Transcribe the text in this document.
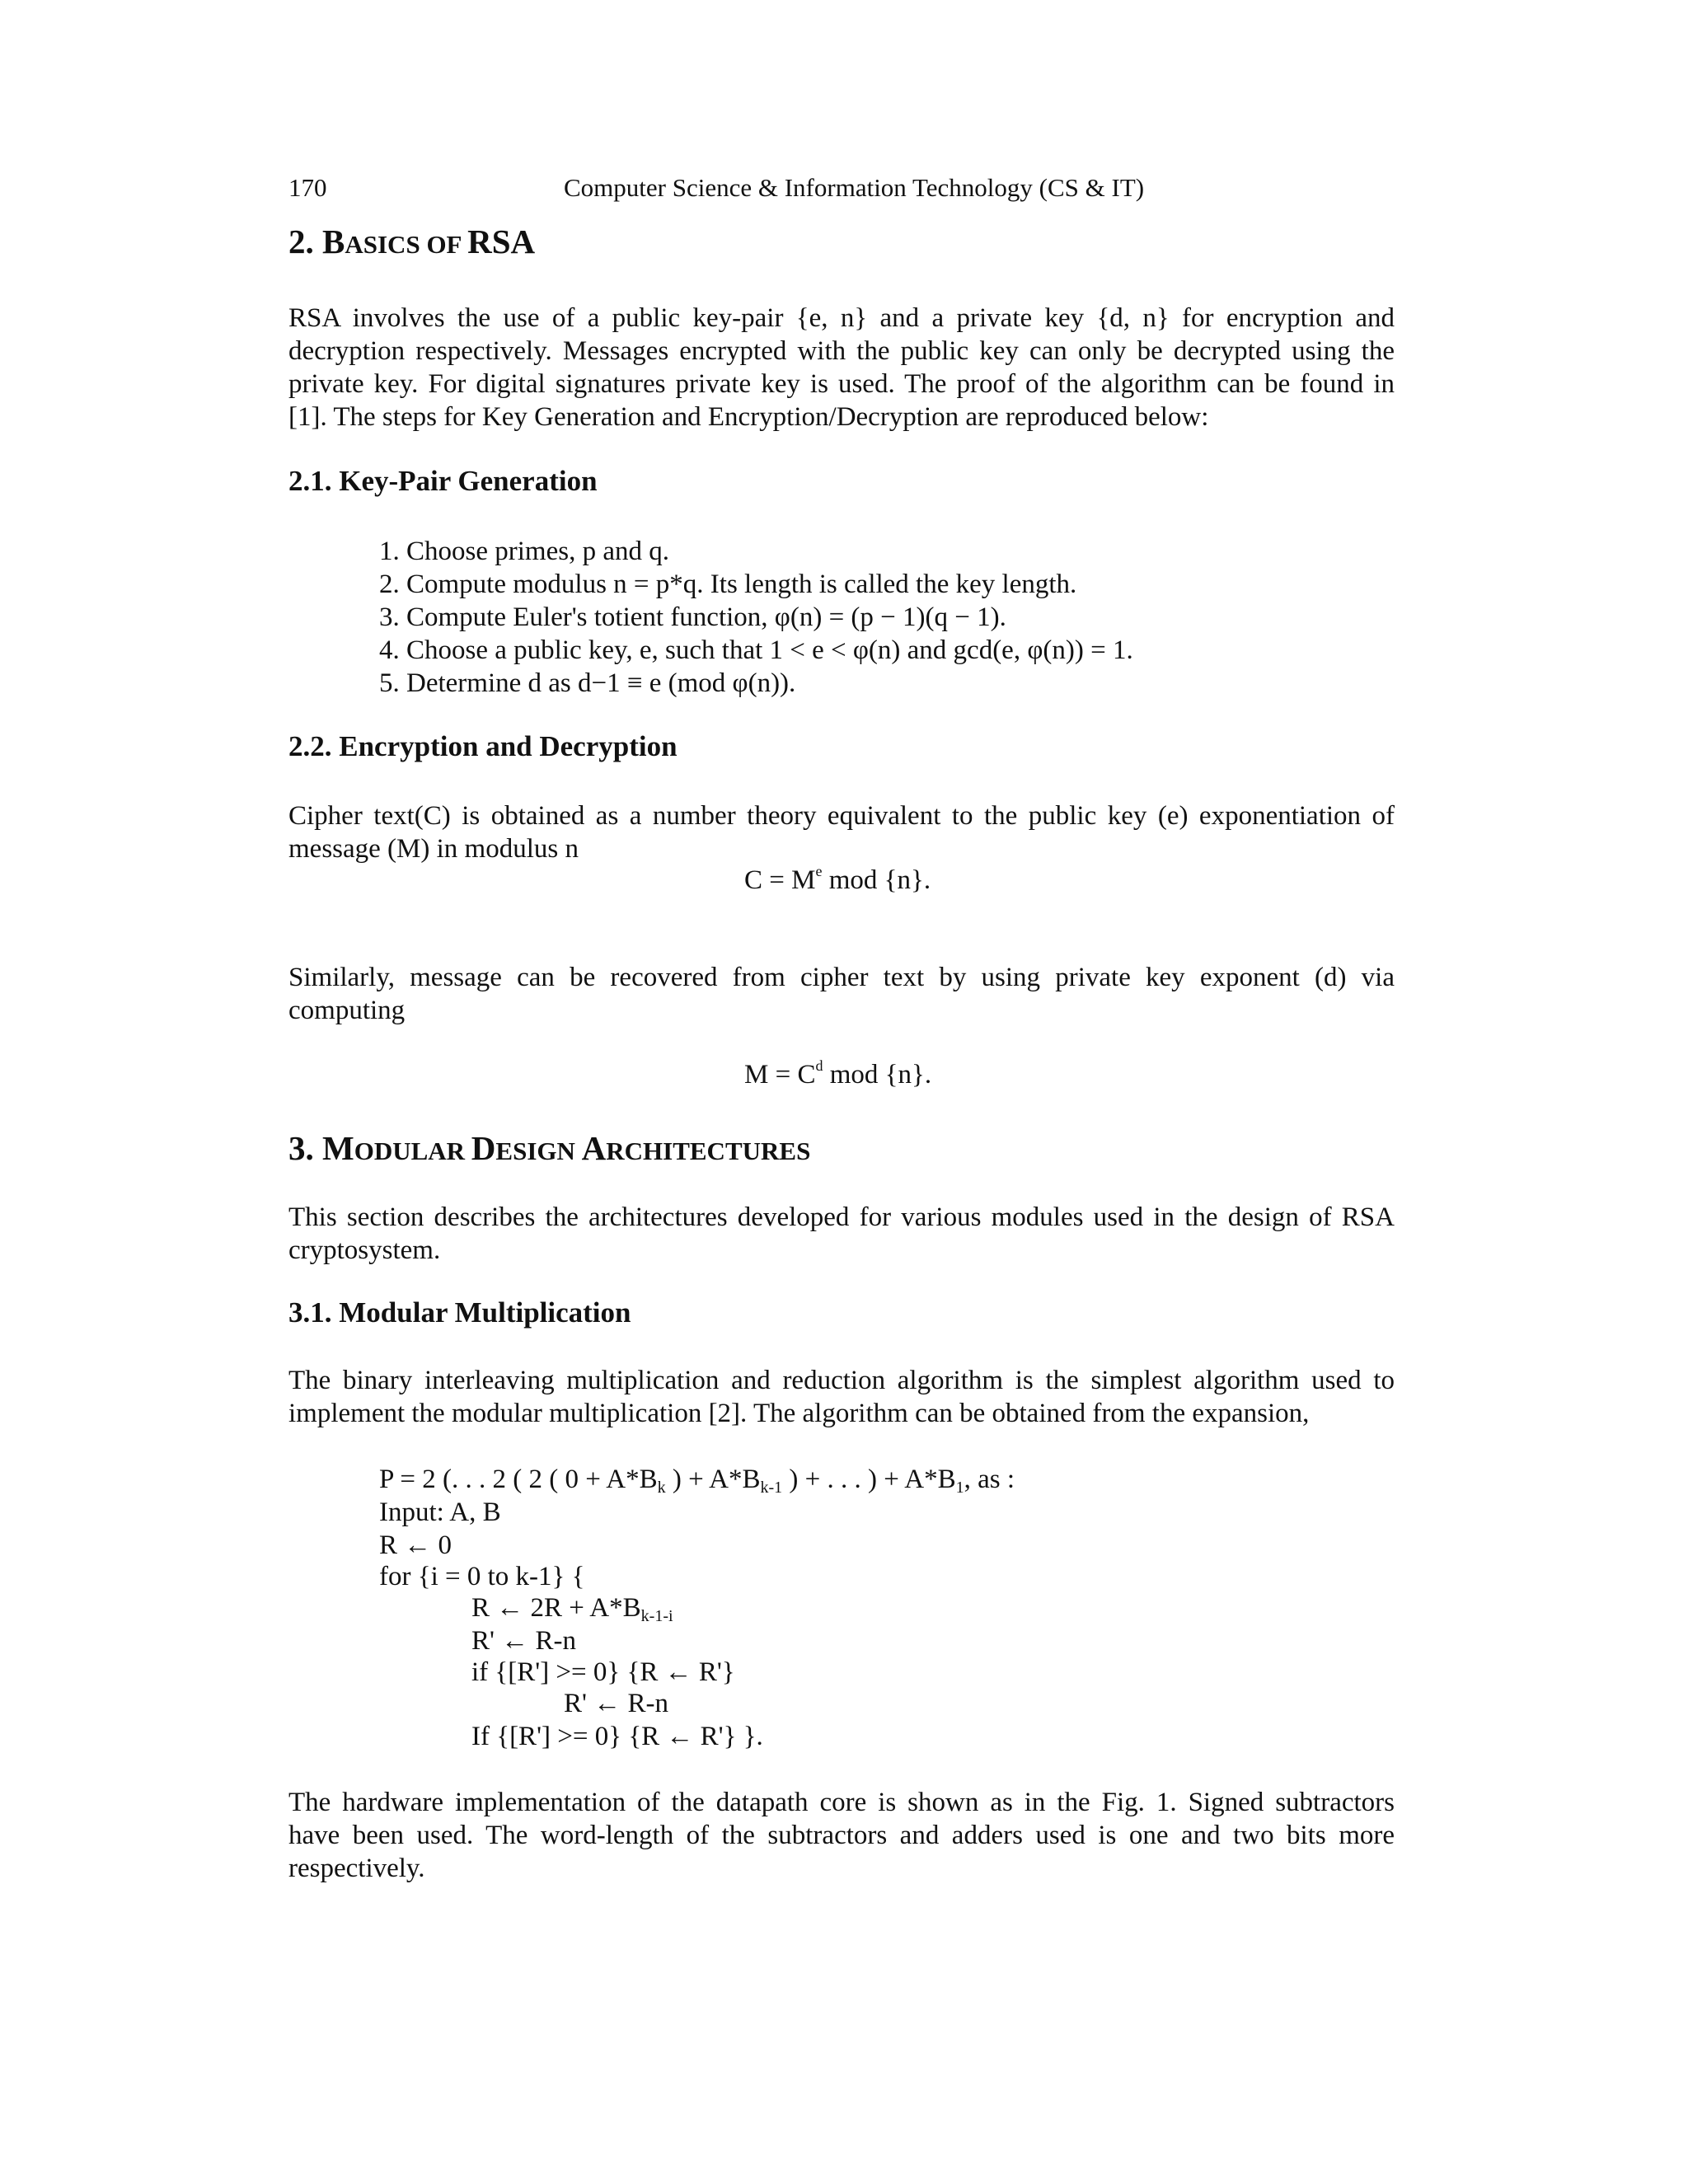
170	Computer Science & Information Technology (CS & IT)
2. BASICS OF RSA
RSA involves the use of a public key-pair {e, n} and a private key {d, n} for encryption and
decryption respectively. Messages encrypted with the public key can only be decrypted using the
private key. For digital signatures private key is used. The proof of the algorithm can be found in
[1]. The steps for Key Generation and Encryption/Decryption are reproduced below:
2.1. Key-Pair Generation
1. Choose primes, p and q.
2. Compute modulus n = p*q. Its length is called the key length.
3. Compute Euler's totient function, φ(n) = (p − 1)(q − 1).
4. Choose a public key, e, such that 1 < e < φ(n) and gcd(e, φ(n)) = 1.
5. Determine d as d−1 ≡ e (mod φ(n)).
2.2. Encryption and Decryption
Cipher text(C) is obtained as a number theory equivalent to the public key (e) exponentiation of
message (M) in modulus n
$C = M^e$ mod {n}.
Similarly, message can be recovered from cipher text by using private key exponent (d) via
computing
$M = C^d$ mod {n}.
3. MODULAR DESIGN ARCHITECTURES
This section describes the architectures developed for various modules used in the design of RSA
cryptosystem.
3.1. Modular Multiplication
The binary interleaving multiplication and reduction algorithm is the simplest algorithm used to
implement the modular multiplication [2]. The algorithm can be obtained from the expansion,
P = 2 (. . . 2 ( 2 ( $0 + A*B_k$ ) + $A*B_{k-1}$ ) + . . . ) + $A*B_1$, as :
Input: A, B
R ← 0
for {i = 0 to k-1} {
R ← $2R + A*B_{k-1-i}$
R' ← R-n
if {[R'] >= 0} {R ← R'}
R' ← R-n
If {[R'] >= 0} {R ← R'} }.
The hardware implementation of the datapath core is shown as in the Fig. 1. Signed subtractors
have been used. The word-length of the subtractors and adders used is one and two bits more
respectively.
